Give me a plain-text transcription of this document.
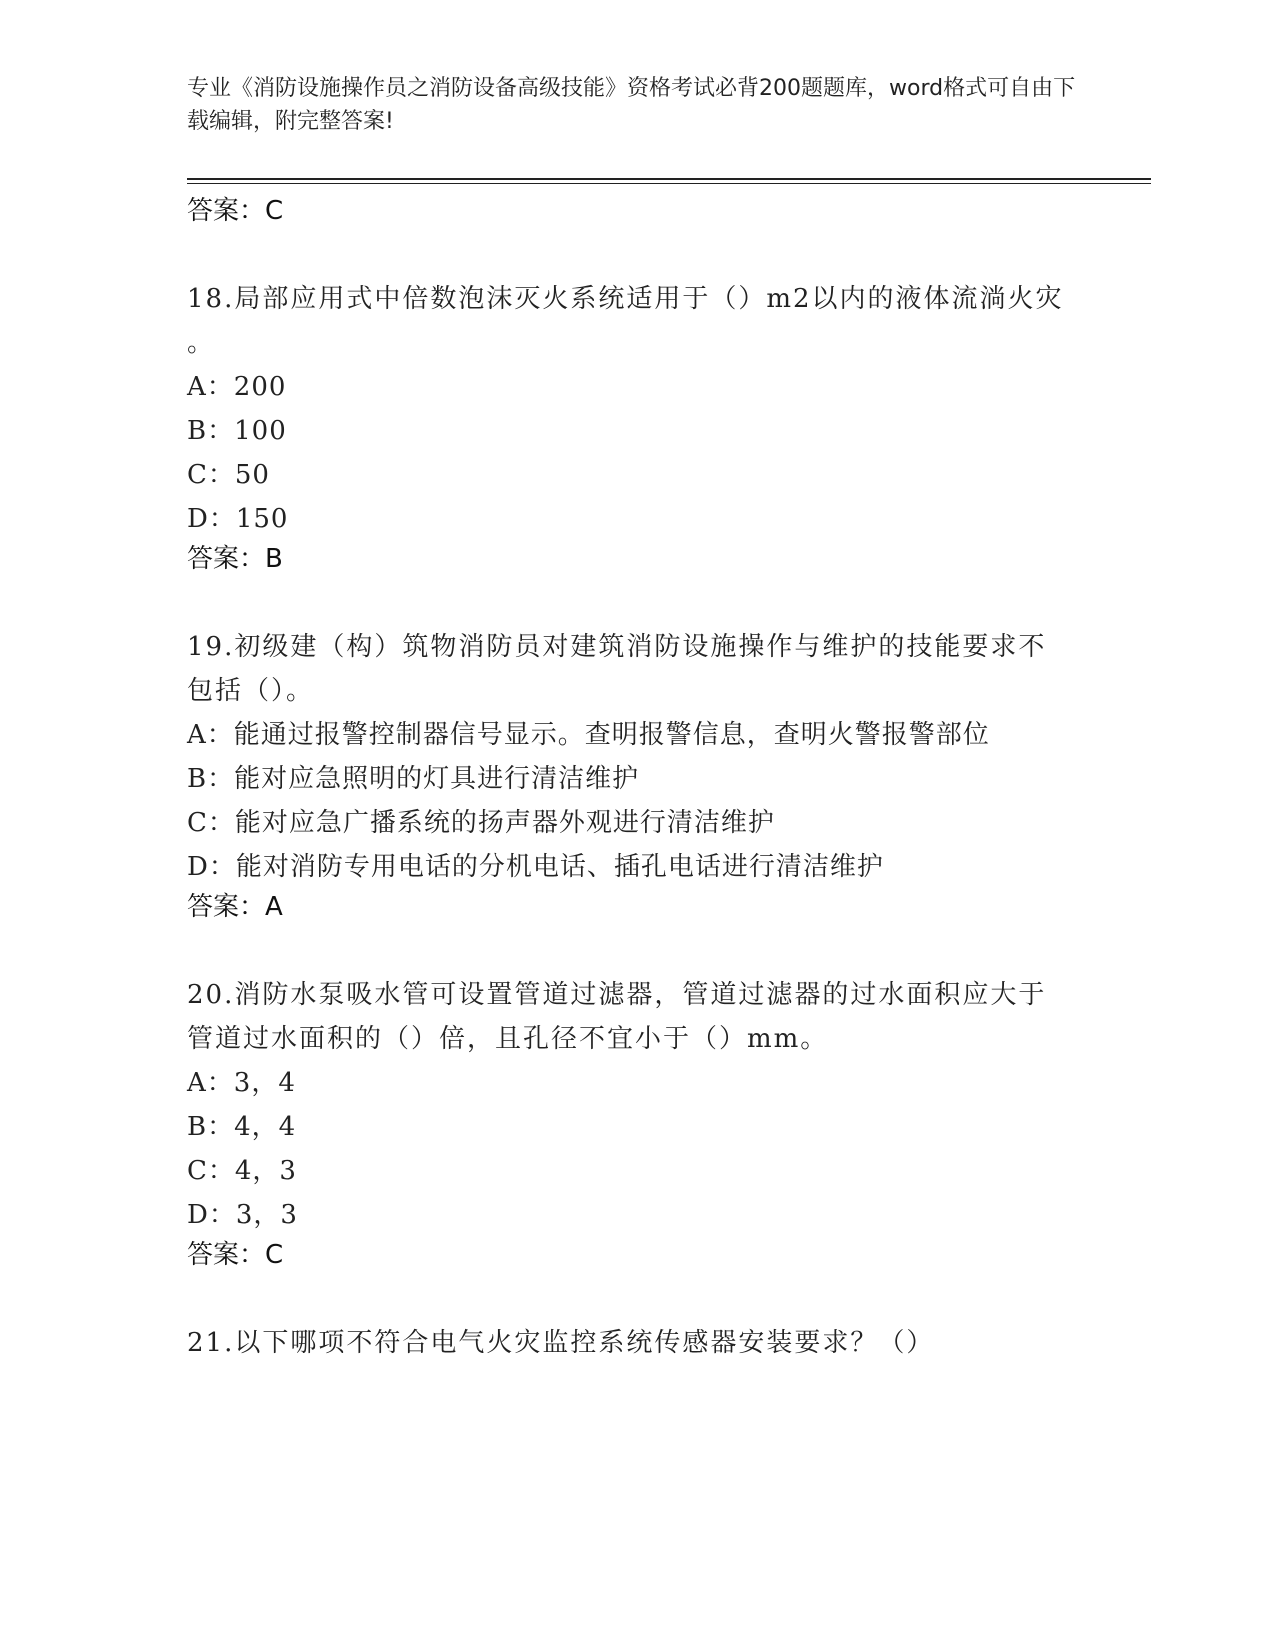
专业《消防设施操作员之消防设备高级技能》资格考试必背200题题库，word格式可自由下载编辑，附完整答案!
答案：C
18.局部应用式中倍数泡沫灭火系统适用于（）m2以内的液体流淌火灾
。
A：200
B：100
C：50
D：150
答案：B
19.初级建（构）筑物消防员对建筑消防设施操作与维护的技能要求不
包括（）。
A：能通过报警控制器信号显示。查明报警信息，查明火警报警部位
B：能对应急照明的灯具进行清洁维护
C：能对应急广播系统的扬声器外观进行清洁维护
D：能对消防专用电话的分机电话、插孔电话进行清洁维护
答案：A
20.消防水泵吸水管可设置管道过滤器，管道过滤器的过水面积应大于
管道过水面积的（）倍，且孔径不宜小于（）mm。
A：3，4
B：4，4
C：4，3
D：3，3
答案：C
21.以下哪项不符合电气火灾监控系统传感器安装要求？（）
